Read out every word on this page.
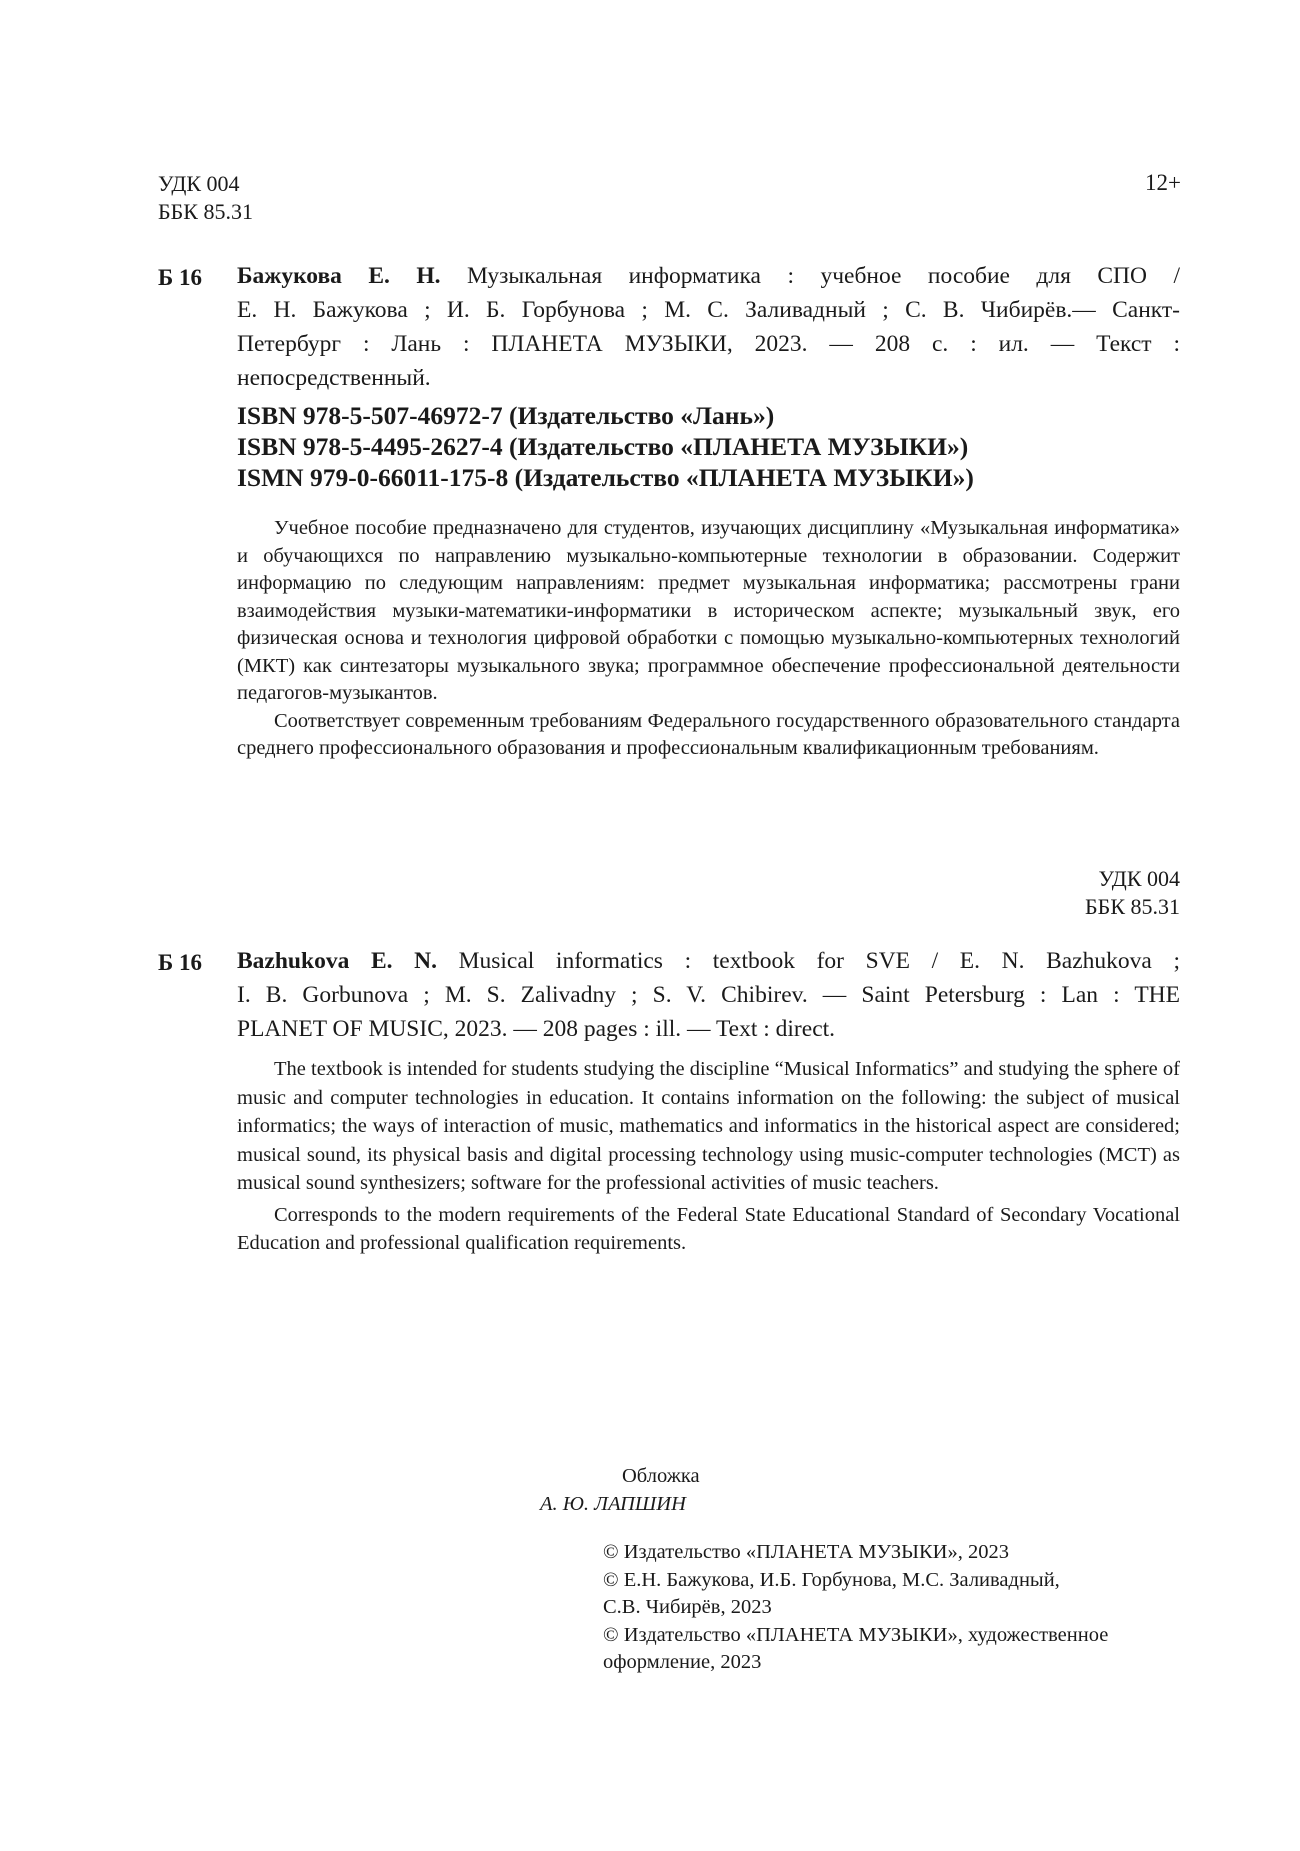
УДК 004
ББК 85.31
12+
Б 16 Бажукова Е. Н. Музыкальная информатика : учебное пособие для СПО /
Е. Н. Бажукова ; И. Б. Горбунова ; М. С. Заливадный ; С. В. Чибирёв.— Санкт-
Петербург : Лань : ПЛАНЕТА МУЗЫКИ, 2023. — 208 с. : ил. — Текст :
непосредственный.
ISBN 978-5-507-46972-7 (Издательство «Лань»)
ISBN 978-5-4495-2627-4 (Издательство «ПЛАНЕТА МУЗЫКИ»)
ISMN 979-0-66011-175-8 (Издательство «ПЛАНЕТА МУЗЫКИ»)

Учебное пособие предназначено для студентов, изучающих дисциплину «Музыкальная информатика» и обучающихся по направлению музыкально-компьютерные технологии в образовании. Содержит информацию по следующим направлениям: предмет музыкальная информатика; рассмотрены грани взаимодействия музыки-математики-информатики в историческом аспекте; музыкальный звук, его физическая основа и технология цифровой обработки с помощью музыкально-компьютерных технологий (МКТ) как синтезаторы музыкального звука; программное обеспечение профессиональной деятельности педагогов-музыкантов.

Соответствует современным требованиям Федерального государственного образовательного стандарта среднего профессионального образования и профессиональным квалификационным требованиям.

УДК 004
ББК 85.31
Б 16 Bazhukova E. N. Musical informatics : textbook for SVE / E. N. Bazhukova ;
I. B. Gorbunova ; M. S. Zalivadny ; S. V. Chibirev. — Saint Petersburg : Lan : THE
PLANET OF MUSIC, 2023. — 208 pages : ill. — Text : direct.

The textbook is intended for students studying the discipline “Musical Informatics” and studying the sphere of music and computer technologies in education. It contains information on the following: the subject of musical informatics; the ways of interaction of music, mathematics and informatics in the historical aspect are considered; musical sound, its physical basis and digital processing technology using music-computer technologies (MCT) as musical sound synthesizers; software for the professional activities of music teachers.

Corresponds to the modern requirements of the Federal State Educational Standard of Secondary Vocational Education and professional qualification requirements.

Обложка
А. Ю. ЛАПШИН
© Издательство «ПЛАНЕТА МУЗЫКИ», 2023
© Е.Н. Бажукова, И.Б. Горбунова, М.С. Заливадный,
С.В. Чибирёв, 2023
© Издательство «ПЛАНЕТА МУЗЫКИ», художественное
оформление, 2023
